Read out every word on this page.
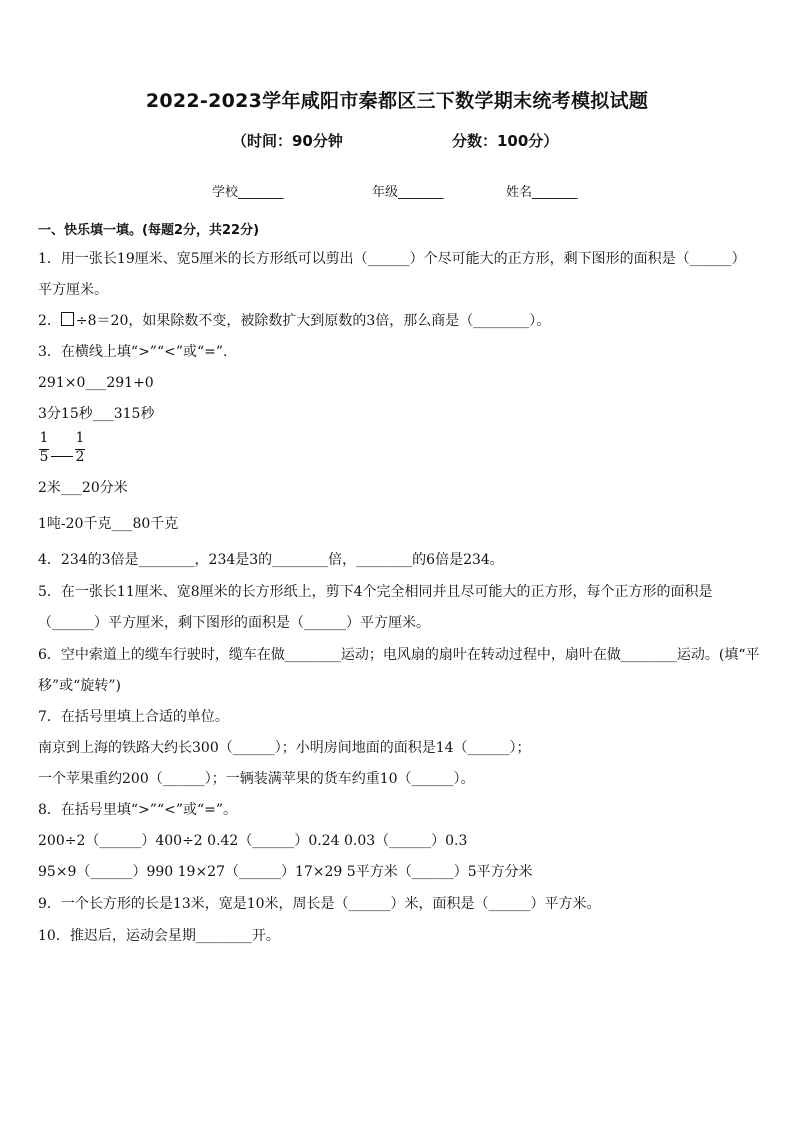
2022-2023学年咸阳市秦都区三下数学期末统考模拟试题
（时间：90分钟	分数：100分）
学校_______	年级_______	姓名_______
一、快乐填一填。(每题2分，共22分)
1．用一张长19厘米、宽5厘米的长方形纸可以剪出（______）个尽可能大的正方形，剩下图形的面积是（______）
平方厘米。
2． ÷8＝20，如果除数不变，被除数扩大到原数的3倍，那么商是（________）。
3．在横线上填“>”“<”或“=”.
291×0___291+0
3分15秒___315秒
1
5
1
2
2米___20分米
1吨-20千克___80千克
4．234的3倍是________，234是3的________倍，________的6倍是234。
5．在一张长11厘米、宽8厘米的长方形纸上，剪下4个完全相同并且尽可能大的正方形，每个正方形的面积是
（______）平方厘米，剩下图形的面积是（______）平方厘米。
6．空中索道上的缆车行驶时，缆车在做________运动；电风扇的扇叶在转动过程中，扇叶在做________运动。(填“平
移”或“旋转”)
7．在括号里填上合适的单位。
南京到上海的铁路大约长300（______）；小明房间地面的面积是14（______）；
一个苹果重约200（______）；一辆装满苹果的货车约重10（______）。
8．在括号里填“>”“<”或“=”。
200÷2（______）400÷2 0.42（______）0.24 0.03（______）0.3
95×9（______）990 19×27（______）17×29 5平方米（______）5平方分米
9．一个长方形的长是13米，宽是10米，周长是（______）米，面积是（______）平方米。
10．推迟后，运动会星期________开。
